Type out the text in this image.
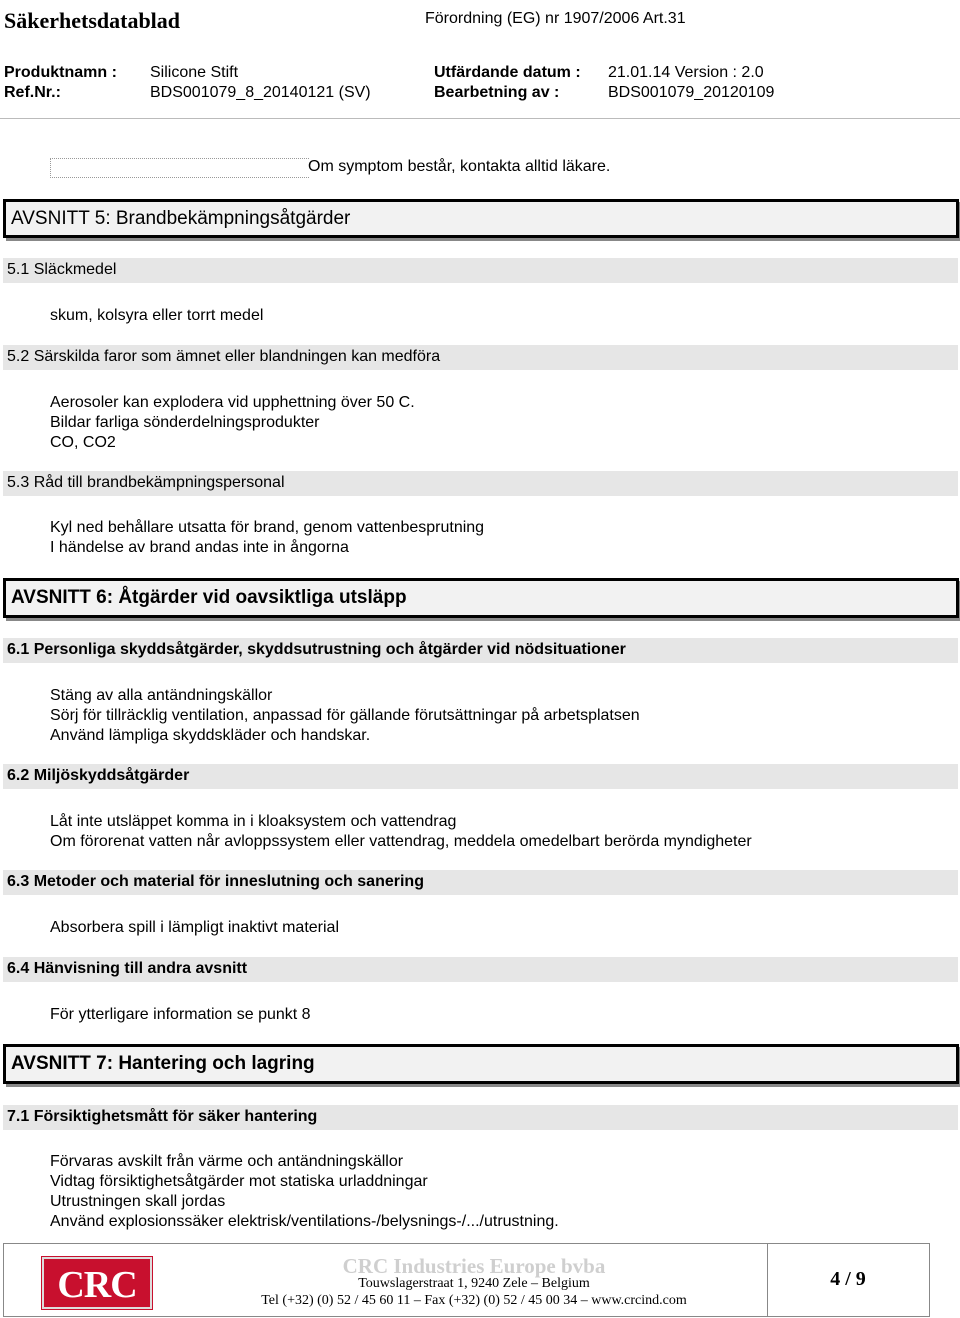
Säkerhetsdatablad	Förordning (EG) nr 1907/2006 Art.31
Produktnamn : Silicone Stift	Utfärdande datum : 21.01.14 Version : 2.0
Ref.Nr.:	BDS001079_8_20140121 (SV)	Bearbetning av :	BDS001079_20120109
Om symptom består, kontakta alltid läkare.
AVSNITT 5: Brandbekämpningsåtgärder
5.1 Släckmedel
skum, kolsyra eller torrt medel
5.2 Särskilda faror som ämnet eller blandningen kan medföra
Aerosoler kan explodera vid upphettning över 50 C.
Bildar farliga sönderdelningsprodukter
CO, CO2
5.3 Råd till brandbekämpningspersonal
Kyl ned behållare utsatta för brand, genom vattenbesprutning
I händelse av brand andas inte in ångorna
AVSNITT 6: Åtgärder vid oavsiktliga utsläpp
6.1 Personliga skyddsåtgärder, skyddsutrustning och åtgärder vid nödsituationer
Stäng av alla antändningskällor
Sörj för tillräcklig ventilation, anpassad för gällande förutsättningar på arbetsplatsen
Använd lämpliga skyddskläder och handskar.
6.2 Miljöskyddsåtgärder
Låt inte utsläppet komma in i kloaksystem och vattendrag
Om förorenat vatten når avloppssystem eller vattendrag, meddela omedelbart berörda myndigheter
6.3 Metoder och material för inneslutning och sanering
Absorbera spill i lämpligt inaktivt material
6.4 Hänvisning till andra avsnitt
För ytterligare information se punkt 8
AVSNITT 7: Hantering och lagring
7.1 Försiktighetsmått för säker hantering
Förvaras avskilt från värme och antändningskällor
Vidtag försiktighetsåtgärder mot statiska urladdningar
Utrustningen skall jordas
Använd explosionssäker elektrisk/ventilations-/belysnings-/.../utrustning.
CRC	CRC Industries Europe bvba
Touwslagerstraat 1, 9240 Zele – Belgium
Tel (+32) (0) 52 / 45 60 11 – Fax (+32) (0) 52 / 45 00 34 – www.crcind.com
4 / 9
